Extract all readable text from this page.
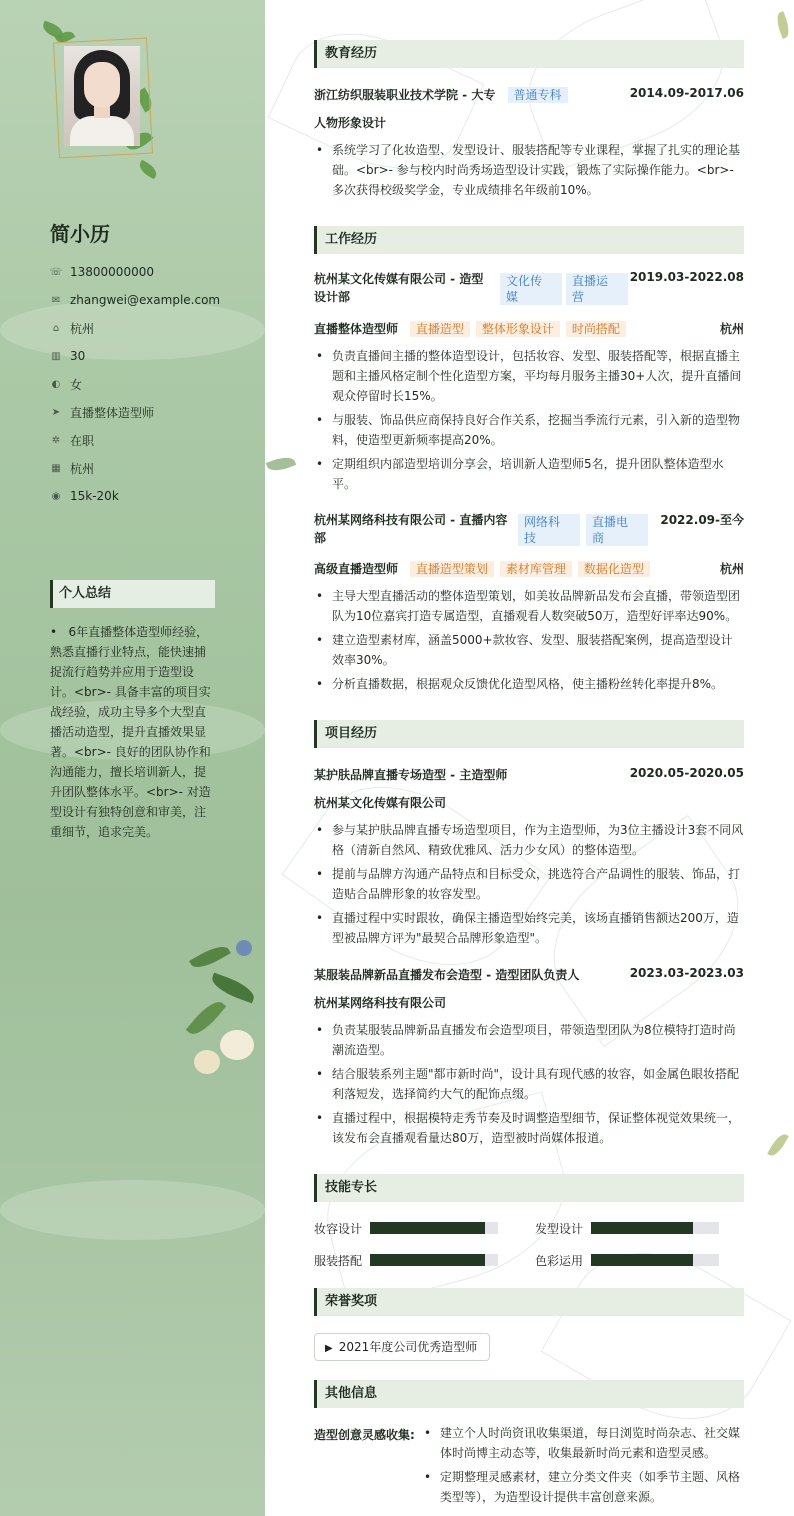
简小历
☏ 13800000000
✉ zhangwei@example.com
⌂ 杭州
▥ 30
◐ 女
➤ 直播整体造型师
✲ 在职
▦ 杭州
◉ 15k-20k
个人总结
•   6年直播整体造型师经验，熟悉直播行业特点，能快速捕捉流行趋势并应用于造型设计。<br>- 具备丰富的项目实战经验，成功主导多个大型直播活动造型，提升直播效果显著。<br>- 良好的团队协作和沟通能力，擅长培训新人，提升团队整体水平。<br>- 对造型设计有独特创意和审美，注重细节，追求完美。
教育经历
浙江纺织服装职业技术学院 - 大专 普通专科	2014.09-2017.06
人物形象设计
• 系统学习了化妆造型、发型设计、服装搭配等专业课程，掌握了扎实的理论基础。<br>- 参与校内时尚秀场造型设计实践，锻炼了实际操作能力。<br>- 多次获得校级奖学金，专业成绩排名年级前10%。
工作经历
杭州某文化传媒有限公司 - 造型
设计部
文化传
媒
直播运
营
2019.03-2022.08
直播整体造型师 直播造型 整体形象设计 时尚搭配	杭州
• 负责直播间主播的整体造型设计，包括妆容、发型、服装搭配等，根据直播主题和主播风格定制个性化造型方案，平均每月服务主播30+人次，提升直播间观众停留时长15%。
• 与服装、饰品供应商保持良好合作关系，挖掘当季流行元素，引入新的造型物料，使造型更新频率提高20%。
• 定期组织内部造型培训分享会，培训新人造型师5名，提升团队整体造型水平。
杭州某网络科技有限公司 - 直播内容
部
网络科
技
直播电
商
2022.09-至今
高级直播造型师 直播造型策划 素材库管理 数据化造型	杭州
• 主导大型直播活动的整体造型策划，如美妆品牌新品发布会直播，带领造型团队为10位嘉宾打造专属造型，直播观看人数突破50万，造型好评率达90%。
• 建立造型素材库，涵盖5000+款妆容、发型、服装搭配案例，提高造型设计效率30%。
• 分析直播数据，根据观众反馈优化造型风格，使主播粉丝转化率提升8%。
项目经历
某护肤品牌直播专场造型 - 主造型师	2020.05-2020.05
杭州某文化传媒有限公司
• 参与某护肤品牌直播专场造型项目，作为主造型师，为3位主播设计3套不同风格（清新自然风、精致优雅风、活力少女风）的整体造型。
• 提前与品牌方沟通产品特点和目标受众，挑选符合产品调性的服装、饰品，打造贴合品牌形象的妆容发型。
• 直播过程中实时跟妆，确保主播造型始终完美，该场直播销售额达200万，造型被品牌方评为"最契合品牌形象造型"。
某服装品牌新品直播发布会造型 - 造型团队负责人	2023.03-2023.03
杭州某网络科技有限公司
• 负责某服装品牌新品直播发布会造型项目，带领造型团队为8位模特打造时尚潮流造型。
• 结合服装系列主题"都市新时尚"，设计具有现代感的妆容，如金属色眼妆搭配利落短发，选择简约大气的配饰点缀。
• 直播过程中，根据模特走秀节奏及时调整造型细节，保证整体视觉效果统一，该发布会直播观看量达80万，造型被时尚媒体报道。
技能专长
妆容设计	发型设计
服装搭配	色彩运用
荣誉奖项
▶ 2021年度公司优秀造型师
其他信息
造型创意灵感收集:
•	建立个人时尚资讯收集渠道，每日浏览时尚杂志、社交媒体时尚博主动态等，收集最新时尚元素和造型灵感。
• 定期整理灵感素材，建立分类文件夹（如季节主题、风格类型等），为造型设计提供丰富创意来源。
